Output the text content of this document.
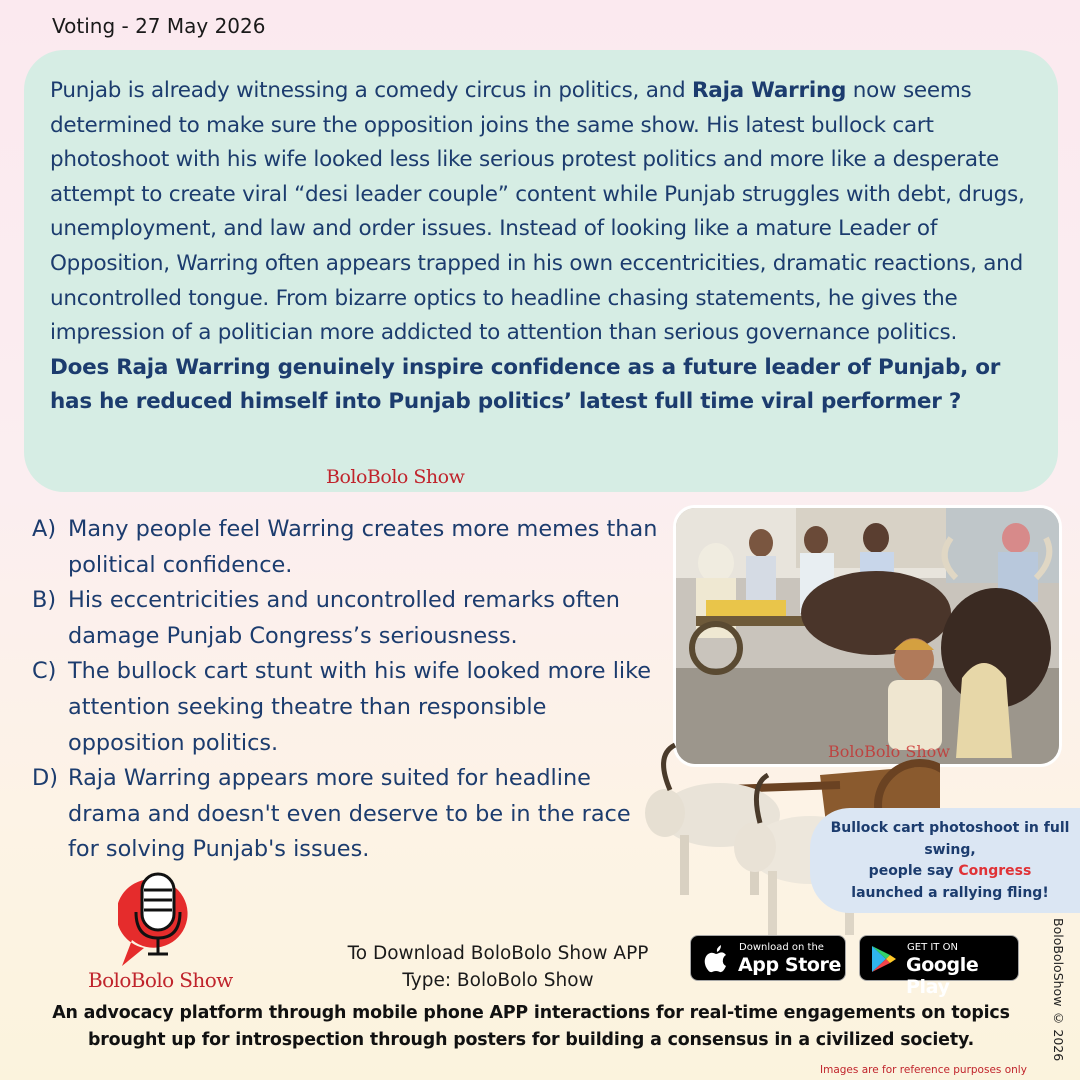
Voting - 27 May 2026

Punjab is already witnessing a comedy circus in politics, and Raja Warring now seems determined to make sure the opposition joins the same show. His latest bullock cart photoshoot with his wife looked less like serious protest politics and more like a desperate attempt to create viral “desi leader couple” content while Punjab struggles with debt, drugs, unemployment, and law and order issues. Instead of looking like a mature Leader of Opposition, Warring often appears trapped in his own eccentricities, dramatic reactions, and uncontrolled tongue. From bizarre optics to headline chasing statements, he gives the impression of a politician more addicted to attention than serious governance politics.

Does Raja Warring genuinely inspire confidence as a future leader of Punjab, or has he reduced himself into Punjab politics’ latest full time viral performer ?

BoloBolo Show
A) Many people feel Warring creates more memes than political confidence.
B) His eccentricities and uncontrolled remarks often damage Punjab Congress’s seriousness.
C) The bullock cart stunt with his wife looked more like attention seeking theatre than responsible opposition politics.
D) Raja Warring appears more suited for headline drama and doesn't even deserve to be in the race for solving Punjab's issues.
BoloBolo Show
Bullock cart photoshoot in full swing,
people say Congress
launched a rallying fling!
BoloBolo Show
To Download BoloBolo Show APP
Type: BoloBolo Show
Download on the
App Store
GET IT ON
Google Play
An advocacy platform through mobile phone APP interactions for real-time engagements on topics
brought up for introspection through posters for building a consensus in a civilized society.	BoloBoloShow © 2026
Images are for reference purposes only
